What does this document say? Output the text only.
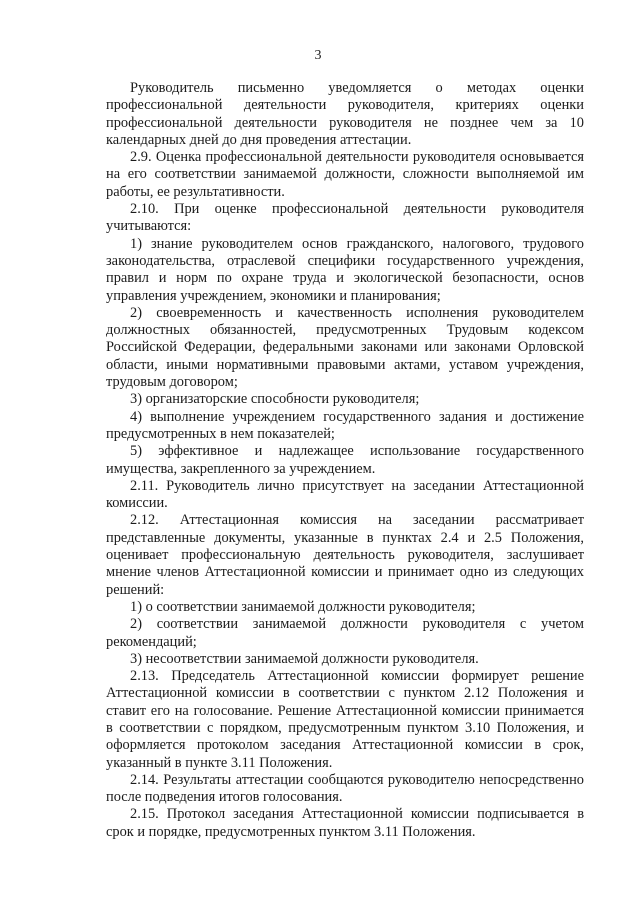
3

Руководитель письменно уведомляется о методах оценки профессиональной деятельности руководителя, критериях оценки профессиональной деятельности руководителя не позднее чем за 10 календарных дней до дня проведения аттестации.

2.9. Оценка профессиональной деятельности руководителя основывается на его соответствии занимаемой должности, сложности выполняемой им работы, ее результативности.

2.10. При оценке профессиональной деятельности руководителя учитываются:

1) знание руководителем основ гражданского, налогового, трудового законодательства, отраслевой специфики государственного учреждения, правил и норм по охране труда и экологической безопасности, основ управления учреждением, экономики и планирования;

2) своевременность и качественность исполнения руководителем должностных обязанностей, предусмотренных Трудовым кодексом Российской Федерации, федеральными законами или законами Орловской области, иными нормативными правовыми актами, уставом учреждения, трудовым договором;

3) организаторские способности руководителя;

4) выполнение учреждением государственного задания и достижение предусмотренных в нем показателей;

5) эффективное и надлежащее использование государственного имущества, закрепленного за учреждением.

2.11. Руководитель лично присутствует на заседании Аттестационной комиссии.

2.12. Аттестационная комиссия на заседании рассматривает представленные документы, указанные в пунктах 2.4 и 2.5 Положения, оценивает профессиональную деятельность руководителя, заслушивает мнение членов Аттестационной комиссии и принимает одно из следующих решений:

1) о соответствии занимаемой должности руководителя;

2) соответствии занимаемой должности руководителя с учетом рекомендаций;

3) несоответствии занимаемой должности руководителя.

2.13. Председатель Аттестационной комиссии формирует решение Аттестационной комиссии в соответствии с пунктом 2.12 Положения и ставит его на голосование. Решение Аттестационной комиссии принимается в соответствии с порядком, предусмотренным пунктом 3.10 Положения, и оформляется протоколом заседания Аттестационной комиссии в срок, указанный в пункте 3.11 Положения.

2.14. Результаты аттестации сообщаются руководителю непосредственно после подведения итогов голосования.

2.15. Протокол заседания Аттестационной комиссии подписывается в срок и порядке, предусмотренных пунктом 3.11 Положения.
